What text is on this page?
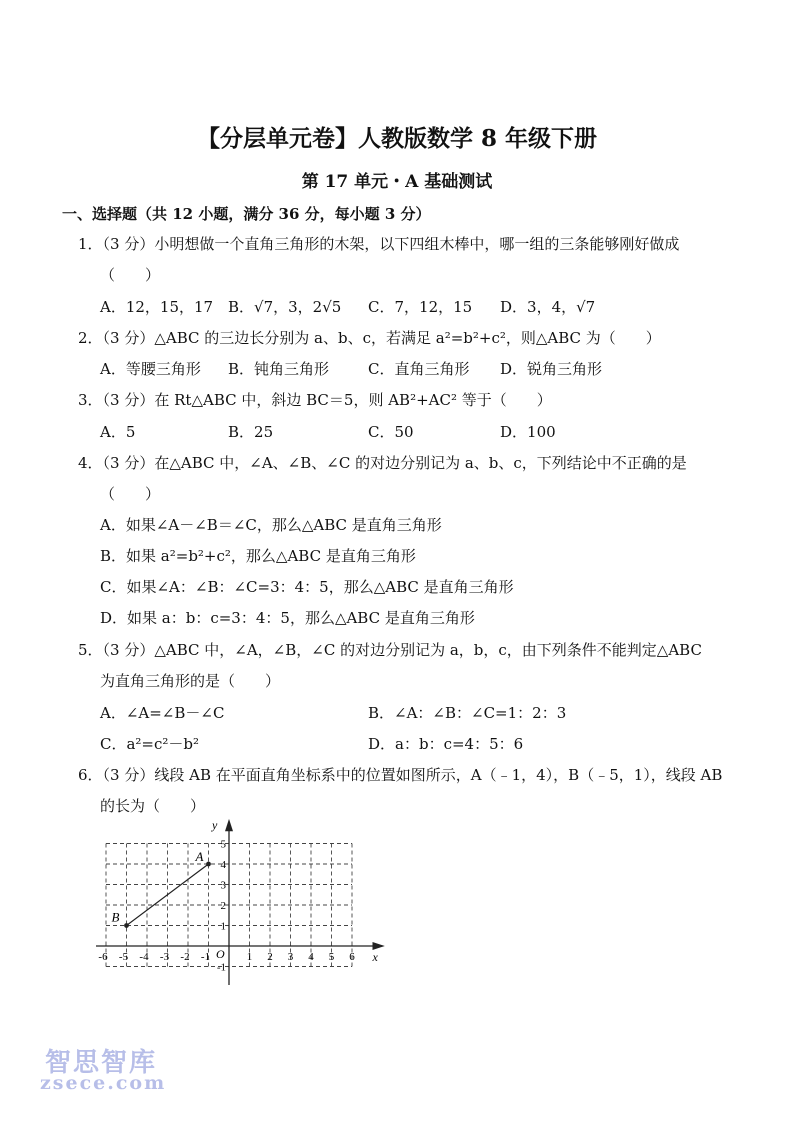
【分层单元卷】人教版数学 8 年级下册
第 17 单元・A 基础测试
一、选择题（共 12 小题，满分 36 分，每小题 3 分）
1．（3 分）小明想做一个直角三角形的木架，以下四组木棒中，哪一组的三条能够刚好做成
（　　）
A．12，15，17 B．√7，3，2√5 C．7，12，15 D．3，4，√7
2．（3 分）△ABC 的三边长分别为 a、b、c，若满足 a²=b²+c²，则△ABC 为（　　）
A．等腰三角形 B．钝角三角形	C．直角三角形 D．锐角三角形
3．（3 分）在 Rt△ABC 中，斜边 BC＝5，则 AB²+AC² 等于（　　）
A．5	B．25	C．50	D．100
4．（3 分）在△ABC 中，∠A、∠B、∠C 的对边分别记为 a、b、c，下列结论中不正确的是
（　　）
A．如果∠A－∠B＝∠C，那么△ABC 是直角三角形
B．如果 a²=b²+c²，那么△ABC 是直角三角形
C．如果∠A：∠B：∠C=3：4：5，那么△ABC 是直角三角形
D．如果 a：b：c=3：4：5，那么△ABC 是直角三角形
5．（3 分）△ABC 中，∠A，∠B，∠C 的对边分别记为 a，b，c，由下列条件不能判定△ABC
为直角三角形的是（　　）
A．∠A=∠B－∠C	B．∠A：∠B：∠C=1：2：3
C．a²=c²－b²	D．a：b：c=4：5：6
6．（3 分）线段 AB 在平面直角坐标系中的位置如图所示，A（﹣1，4），B（﹣5，1），线段 AB
的长为（　　）
-6 -5 -4 -3 -2 -1	1 2 3 4 5 6
5
4
3
2
1
-1
x
y
O
A
B
智思智库
zsece.com
